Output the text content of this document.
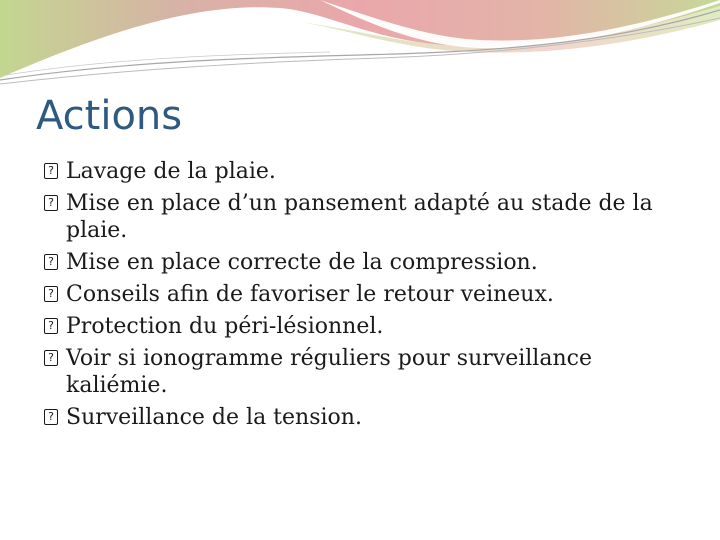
Actions
?
Lavage de la plaie.
?
Mise en place d’un pansement adapté au stade de la plaie.
?
Mise en place correcte de la compression.
?
Conseils afin de favoriser le retour veineux.
?
Protection du péri-lésionnel.
?
Voir si ionogramme réguliers pour surveillance kaliémie.
?
Surveillance de la tension.
